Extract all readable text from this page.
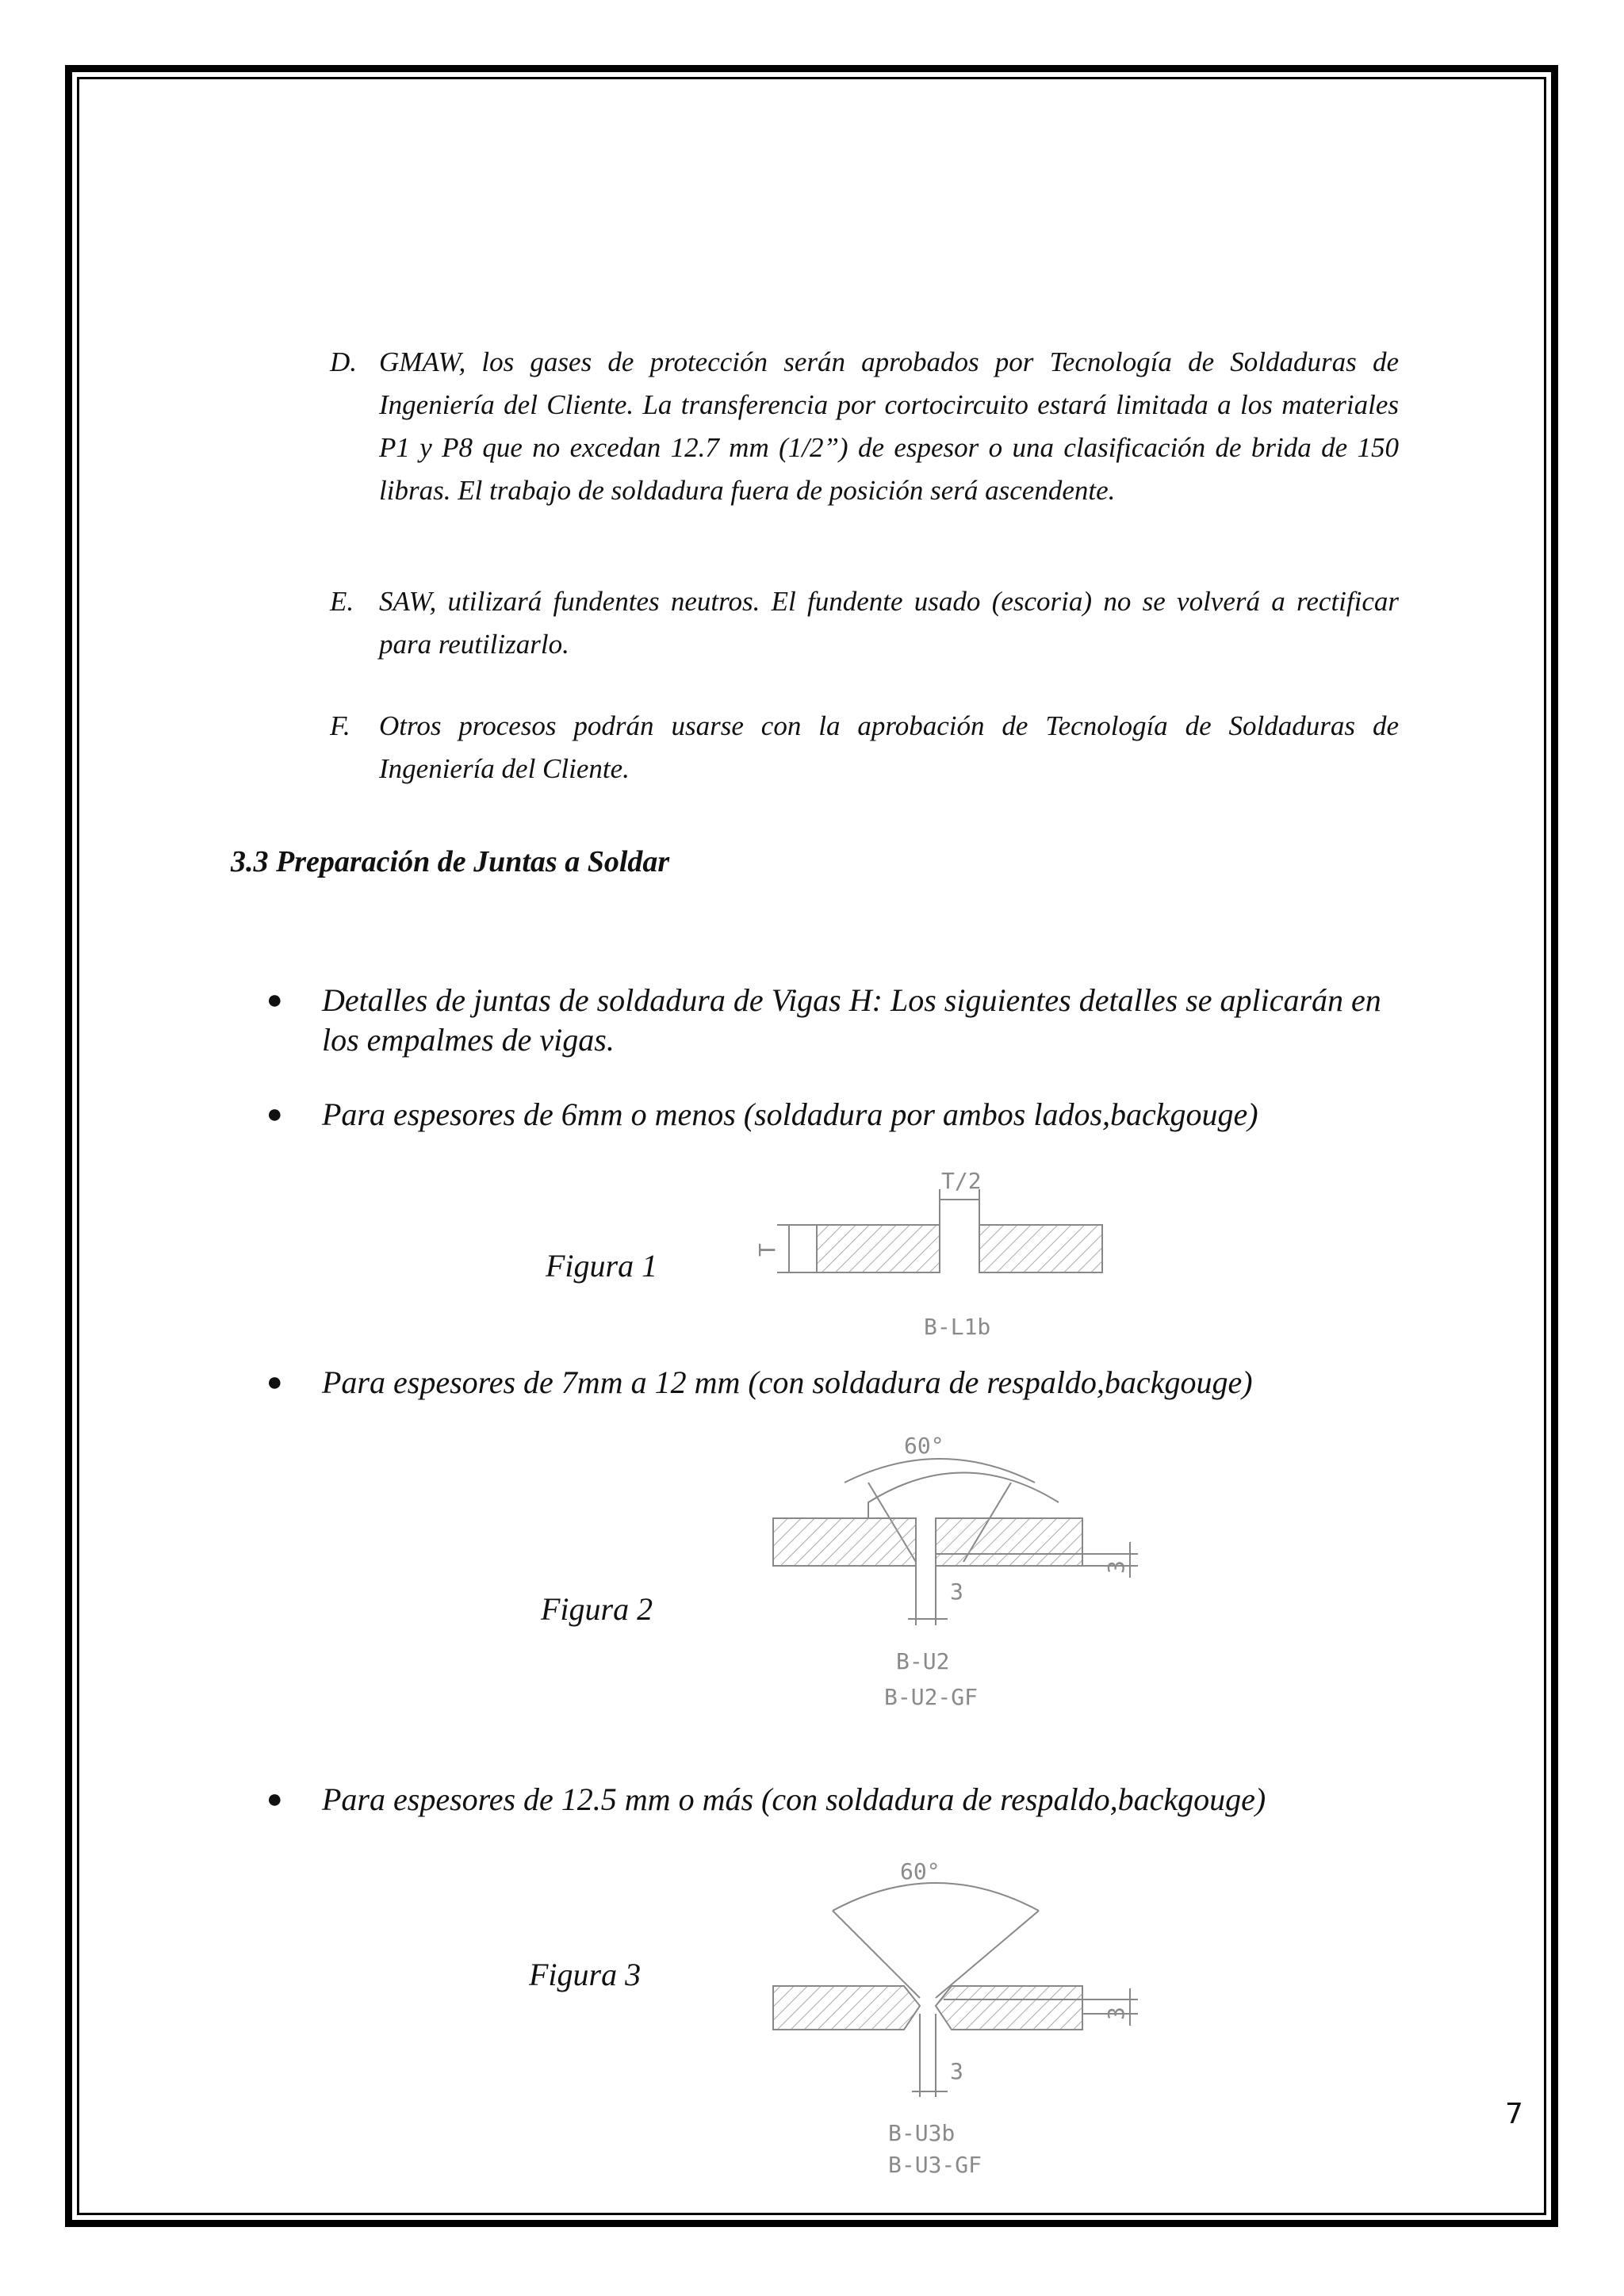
D. GMAW, los gases de protección serán aprobados por Tecnología de Soldaduras de Ingeniería del Cliente. La transferencia por cortocircuito estará limitada a los materiales P1 y P8 que no excedan 12.7 mm (1/2”) de espesor o una clasificación de brida de 150 libras. El trabajo de soldadura fuera de posición será ascendente.
E. SAW, utilizará fundentes neutros. El fundente usado (escoria) no se volverá a rectificar para reutilizarlo.
F.	Otros procesos podrán usarse con la aprobación de Tecnología de Soldaduras de Ingeniería del Cliente.
3.3 Preparación de Juntas a Soldar
● Detalles de juntas de soldadura de Vigas H: Los siguientes detalles se aplicarán en los empalmes de vigas.
● Para espesores de 6mm o menos (soldadura por ambos lados,backgouge)
● Para espesores de 7mm a 12 mm (con soldadura de respaldo,backgouge)
● Para espesores de 12.5 mm o más (con soldadura de respaldo,backgouge)
Figura 1
Figura 2
Figura 3
T/2
T
B-L1b
60°
3
3
B-U2
B-U2-GF
60°
3
3
B-U3b
B-U3-GF
7
